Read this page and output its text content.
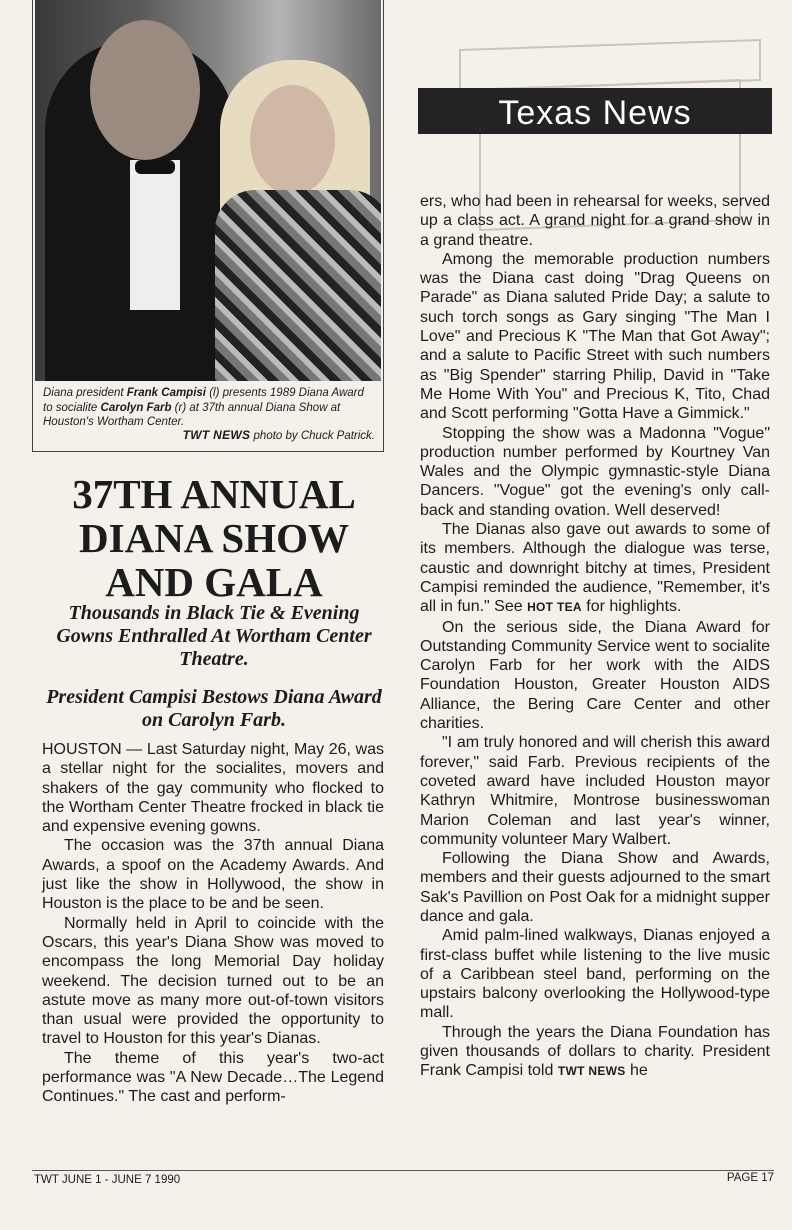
Diana president Frank Campisi (l) presents 1989 Diana Award to socialite Carolyn Farb (r) at 37th annual Diana Show at Houston's Wortham Center.
TWT NEWS photo by Chuck Patrick.
Texas News
37TH ANNUAL
DIANA SHOW
AND GALA
Thousands in Black Tie & Evening Gowns Enthralled At Wortham Center Theatre.
President Campisi Bestows Diana Award on Carolyn Farb.

HOUSTON — Last Saturday night, May 26, was a stellar night for the socialites, movers and shakers of the gay community who flocked to the Wortham Center Theatre frocked in black tie and expensive evening gowns.

The occasion was the 37th annual Diana Awards, a spoof on the Academy Awards. And just like the show in Hollywood, the show in Houston is the place to be and be seen.

Normally held in April to coincide with the Oscars, this year's Diana Show was moved to encompass the long Memorial Day holiday weekend. The decision turned out to be an astute move as many more out-of-town visitors than usual were provided the opportunity to travel to Houston for this year's Dianas.

The theme of this year's two-act performance was "A New Decade…The Legend Continues." The cast and perform-

ers, who had been in rehearsal for weeks, served up a class act. A grand night for a grand show in a grand theatre.

Among the memorable production numbers was the Diana cast doing "Drag Queens on Parade" as Diana saluted Pride Day; a salute to such torch songs as Gary singing "The Man I Love" and Precious K "The Man that Got Away"; and a salute to Pacific Street with such numbers as "Big Spender" starring Philip, David in "Take Me Home With You" and Precious K, Tito, Chad and Scott performing "Gotta Have a Gimmick."

Stopping the show was a Madonna "Vogue" production number performed by Kourtney Van Wales and the Olympic gymnastic-style Diana Dancers. "Vogue" got the evening's only call-back and standing ovation. Well deserved!

The Dianas also gave out awards to some of its members. Although the dialogue was terse, caustic and downright bitchy at times, President Campisi reminded the audience, "Remember, it's all in fun." See HOT TEA for highlights.

On the serious side, the Diana Award for Outstanding Community Service went to socialite Carolyn Farb for her work with the AIDS Foundation Houston, Greater Houston AIDS Alliance, the Bering Care Center and other charities.

"I am truly honored and will cherish this award forever," said Farb. Previous recipients of the coveted award have included Houston mayor Kathryn Whitmire, Montrose businesswoman Marion Coleman and last year's winner, community volunteer Mary Walbert.

Following the Diana Show and Awards, members and their guests adjourned to the smart Sak's Pavillion on Post Oak for a midnight supper dance and gala.

Amid palm-lined walkways, Dianas enjoyed a first-class buffet while listening to the live music of a Caribbean steel band, performing on the upstairs balcony overlooking the Hollywood-type mall.

Through the years the Diana Foundation has given thousands of dollars to charity. President Frank Campisi told TWT NEWS he

TWT JUNE 1 - JUNE 7 1990	PAGE 17
